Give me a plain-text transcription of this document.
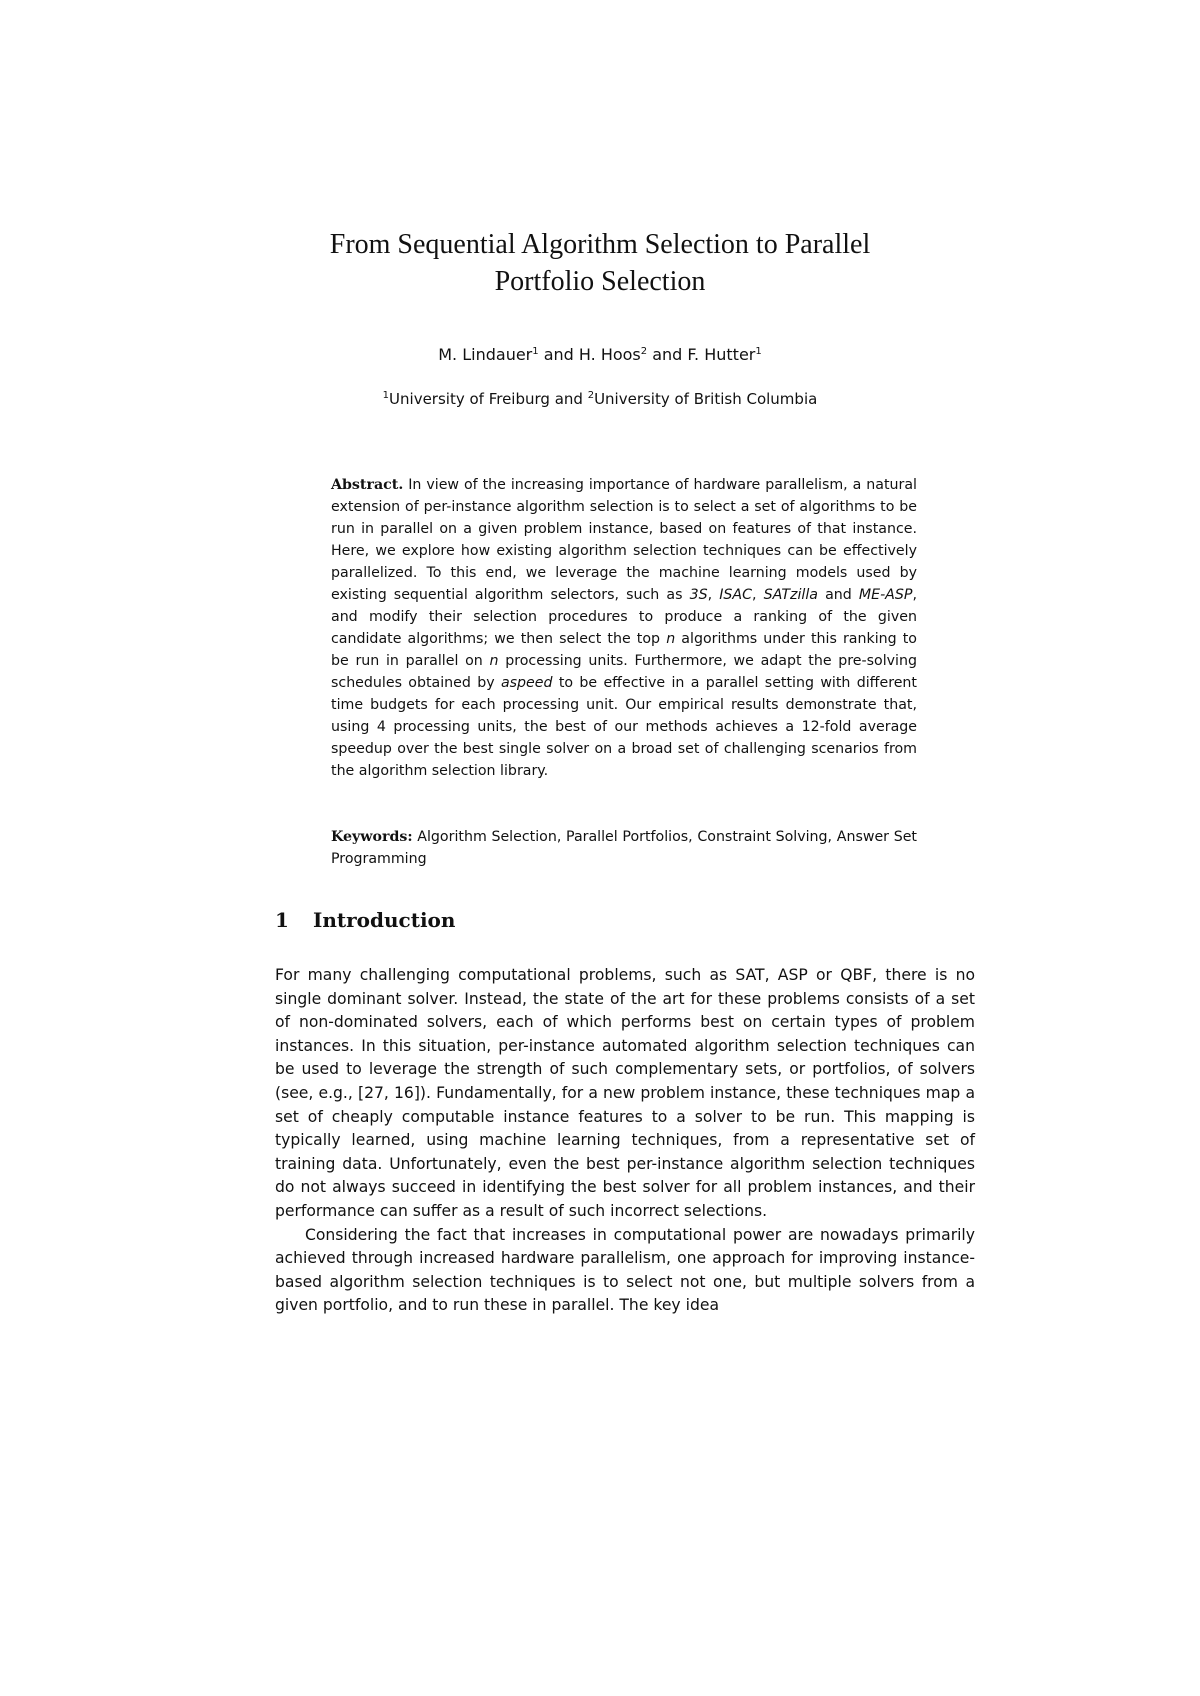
From Sequential Algorithm Selection to Parallel
Portfolio Selection
M. Lindauer$^1$ and H. Hoos$^2$ and F. Hutter$^1$
$^1$University of Freiburg and $^2$University of British Columbia

Abstract. In view of the increasing importance of hardware parallelism, a natural extension of per-instance algorithm selection is to select a set of algorithms to be run in parallel on a given problem instance, based on features of that instance. Here, we explore how existing algorithm selection techniques can be effectively parallelized. To this end, we leverage the machine learning models used by existing sequential algorithm selectors, such as 3S, ISAC, SATzilla and ME-ASP, and modify their selection procedures to produce a ranking of the given candidate algorithms; we then select the top n algorithms under this ranking to be run in parallel on n processing units. Furthermore, we adapt the pre-solving schedules obtained by aspeed to be effective in a parallel setting with different time budgets for each processing unit. Our empirical results demonstrate that, using 4 processing units, the best of our methods achieves a 12-fold average speedup over the best single solver on a broad set of challenging scenarios from the algorithm selection library.

Keywords: Algorithm Selection, Parallel Portfolios, Constraint Solving, Answer Set Programming

1 Introduction

For many challenging computational problems, such as SAT, ASP or QBF, there is no single dominant solver. Instead, the state of the art for these problems consists of a set of non-dominated solvers, each of which performs best on certain types of problem instances. In this situation, per-instance automated algorithm selection techniques can be used to leverage the strength of such complementary sets, or portfolios, of solvers (see, e.g., [27, 16]). Fundamentally, for a new problem instance, these techniques map a set of cheaply computable instance features to a solver to be run. This mapping is typically learned, using machine learning techniques, from a representative set of training data. Unfortunately, even the best per-instance algorithm selection techniques do not always succeed in identifying the best solver for all problem instances, and their performance can suffer as a result of such incorrect selections.

Considering the fact that increases in computational power are nowadays primarily achieved through increased hardware parallelism, one approach for improving instance-based algorithm selection techniques is to select not one, but multiple solvers from a given portfolio, and to run these in parallel. The key idea
